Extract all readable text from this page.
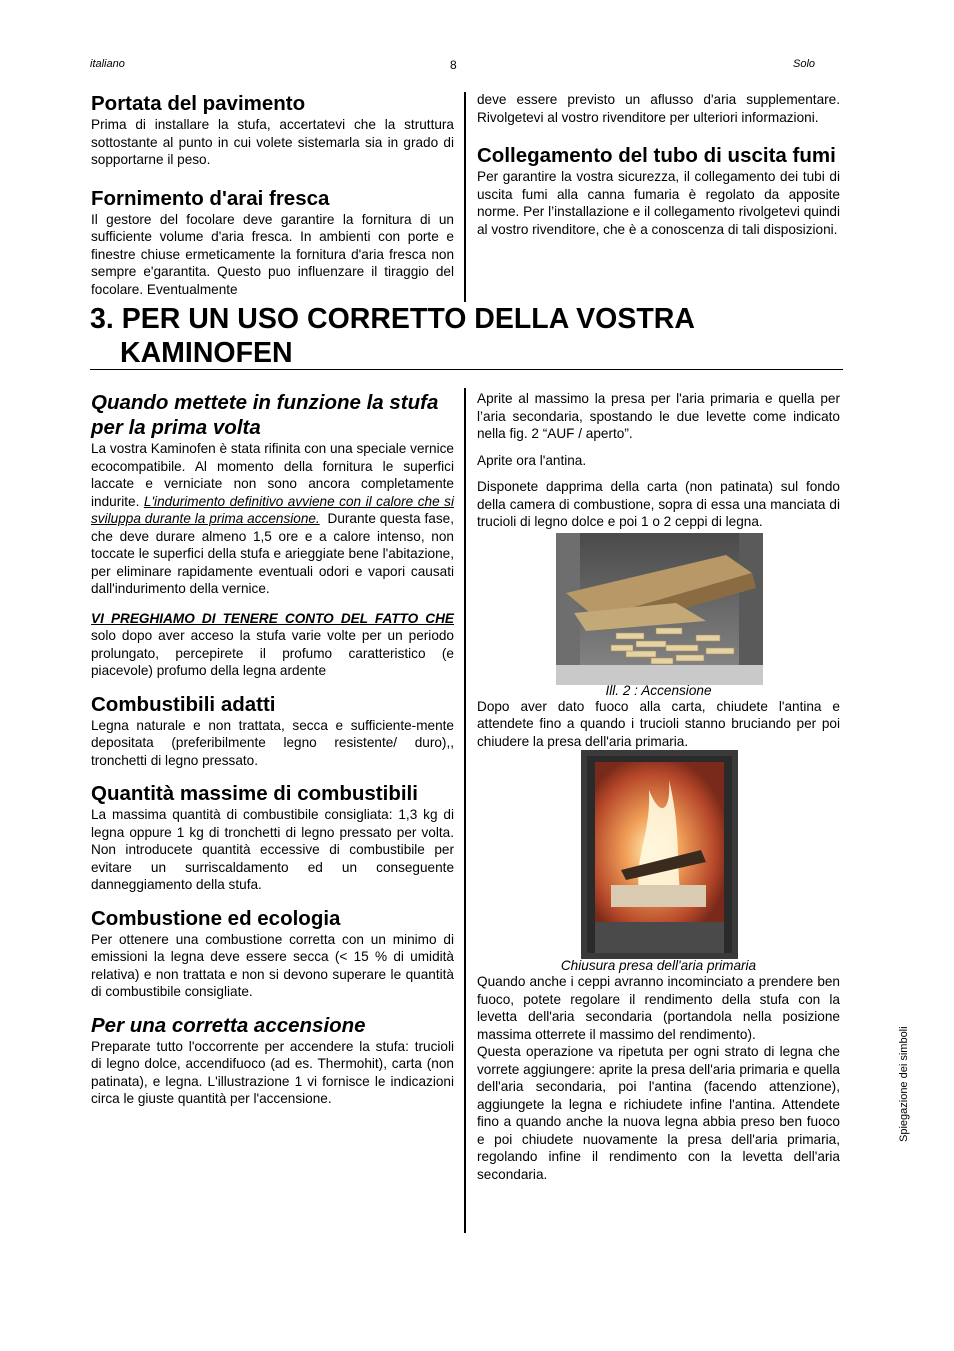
italiano	8	Solo
Portata del pavimento

Prima di installare la stufa, accertatevi che la struttura sottostante al punto in cui volete sistemarla sia in grado di sopportarne il peso.

Fornimento d'arai fresca

Il gestore del focolare deve garantire la fornitura di un sufficiente volume d'aria fresca. In ambienti con porte e finestre chiuse ermeticamente la fornitura d'aria fresca non sempre e'garantita. Questo puo influenzare il tiraggio del focolare. Eventualmente

deve essere previsto un aflusso d'aria supplementare. Rivolgetevi al vostro rivenditore per ulteriori informazioni.

Collegamento del tubo di uscita fumi

Per garantire la vostra sicurezza, il collegamento dei tubi di uscita fumi alla canna fumaria è regolato da apposite norme. Per l’installazione e il collegamento rivolgetevi quindi al vostro rivenditore, che è a conoscenza di tali disposizioni.

3. PER UN USO CORRETTO DELLA VOSTRA
KAMINOFEN
Quando mettete in funzione la stufa per la prima volta

La vostra Kaminofen è stata rifinita con una speciale vernice ecocompatibile. Al momento della fornitura le superfici laccate e verniciate non sono ancora completamente indurite. L'indurimento definitivo avviene con il calore che si sviluppa durante la prima accensione. Durante questa fase, che deve durare almeno 1,5 ore e a calore intenso, non toccate le superfici della stufa e arieggiate bene l'abitazione, per eliminare rapidamente eventuali odori e vapori causati dall'indurimento della vernice.

VI PREGHIAMO DI TENERE CONTO DEL FATTO CHE solo dopo aver acceso la stufa varie volte per un periodo prolungato, percepirete il profumo caratteristico (e piacevole) profumo della legna ardente

Combustibili adatti

Legna naturale e non trattata, secca e sufficiente-mente depositata (preferibilmente legno resistente/ duro),, tronchetti di legno pressato.

Quantità massime di combustibili

La massima quantità di combustibile consigliata: 1,3 kg di legna oppure 1 kg di tronchetti di legno pressato per volta. Non introducete quantità eccessive di combustibile per evitare un surriscaldamento ed un conseguente danneggiamento della stufa.

Combustione ed ecologia

Per ottenere una combustione corretta con un minimo di emissioni la legna deve essere secca (< 15 % di umidità relativa) e non trattata e non si devono superare le quantità di combustibile consigliate.

Per una corretta accensione

Preparate tutto l'occorrente per accendere la stufa: trucioli di legno dolce, accendifuoco (ad es. Thermohit), carta (non patinata), e legna. L'illustrazione 1 vi fornisce le indicazioni circa le giuste quantità per l'accensione.

Aprite al massimo la presa per l'aria primaria e quella per l’aria secondaria, spostando le due levette come indicato nella fig. 2 “AUF / aperto”.

Aprite ora l'antina.

Disponete dapprima della carta (non patinata) sul fondo della camera di combustione, sopra di essa una manciata di trucioli di legno dolce e poi 1 o 2 ceppi di legna.

Ill. 2 : Accensione

Dopo aver dato fuoco alla carta, chiudete l'antina e attendete fino a quando i trucioli stanno bruciando per poi chiudere la presa dell'aria primaria.

Chiusura presa dell'aria primaria

Quando anche i ceppi avranno incominciato a prendere ben fuoco, potete regolare il rendimento della stufa con la levetta dell'aria secondaria (portandola nella posizione massima otterrete il massimo del rendimento).

Questa operazione va ripetuta per ogni strato di legna che vorrete aggiungere: aprite la presa dell'aria primaria e quella dell'aria secondaria, poi l'antina (facendo attenzione), aggiungete la legna e richiudete infine l'antina. Attendete fino a quando anche la nuova legna abbia preso ben fuoco e poi chiudete nuovamente la presa dell'aria primaria, regolando infine il rendimento con la levetta dell'aria secondaria.

Spiegazione dei simboli
